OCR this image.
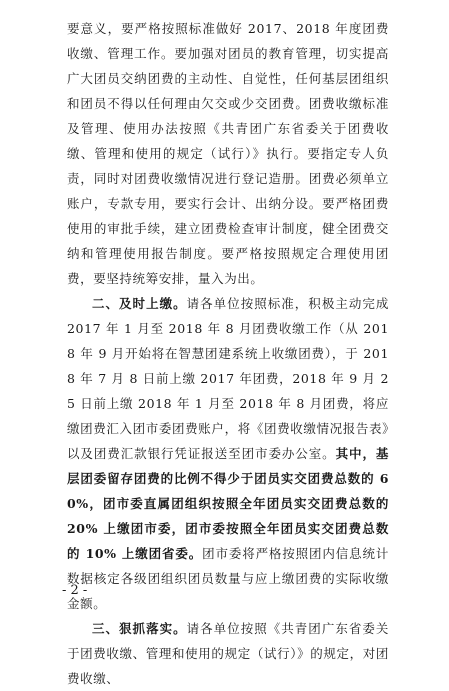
要意义，要严格按照标准做好 2017、2018 年度团费收缴、管理工作。要加强对团员的教育管理，切实提高广大团员交纳团费的主动性、自觉性，任何基层团组织和团员不得以任何理由欠交或少交团费。团费收缴标准及管理、使用办法按照《共青团广东省委关于团费收缴、管理和使用的规定（试行）》执行。要指定专人负责，同时对团费收缴情况进行登记造册。团费必须单立账户，专款专用，要实行会计、出纳分设。要严格团费使用的审批手续，建立团费检查审计制度，健全团费交纳和管理使用报告制度。要严格按照规定合理使用团费，要坚持统筹安排，量入为出。

二、及时上缴。请各单位按照标准，积极主动完成 2017 年 1 月至 2018 年 8 月团费收缴工作（从 2018 年 9 月开始将在智慧团建系统上收缴团费），于 2018 年 7 月 8 日前上缴 2017 年团费，2018 年 9 月 25 日前上缴 2018 年 1 月至 2018 年 8 月团费，将应缴团费汇入团市委团费账户，将《团费收缴情况报告表》以及团费汇款银行凭证报送至团市委办公室。其中，基层团委留存团费的比例不得少于团员实交团费总数的 60%，团市委直属团组织按照全年团员实交团费总数的 20% 上缴团市委，团市委按照全年团员实交团费总数的 10% 上缴团省委。团市委将严格按照团内信息统计数据核定各级团组织团员数量与应上缴团费的实际收缴金额。

三、狠抓落实。请各单位按照《共青团广东省委关于团费收缴、管理和使用的规定（试行）》的规定，对团费收缴、

- 2 -
